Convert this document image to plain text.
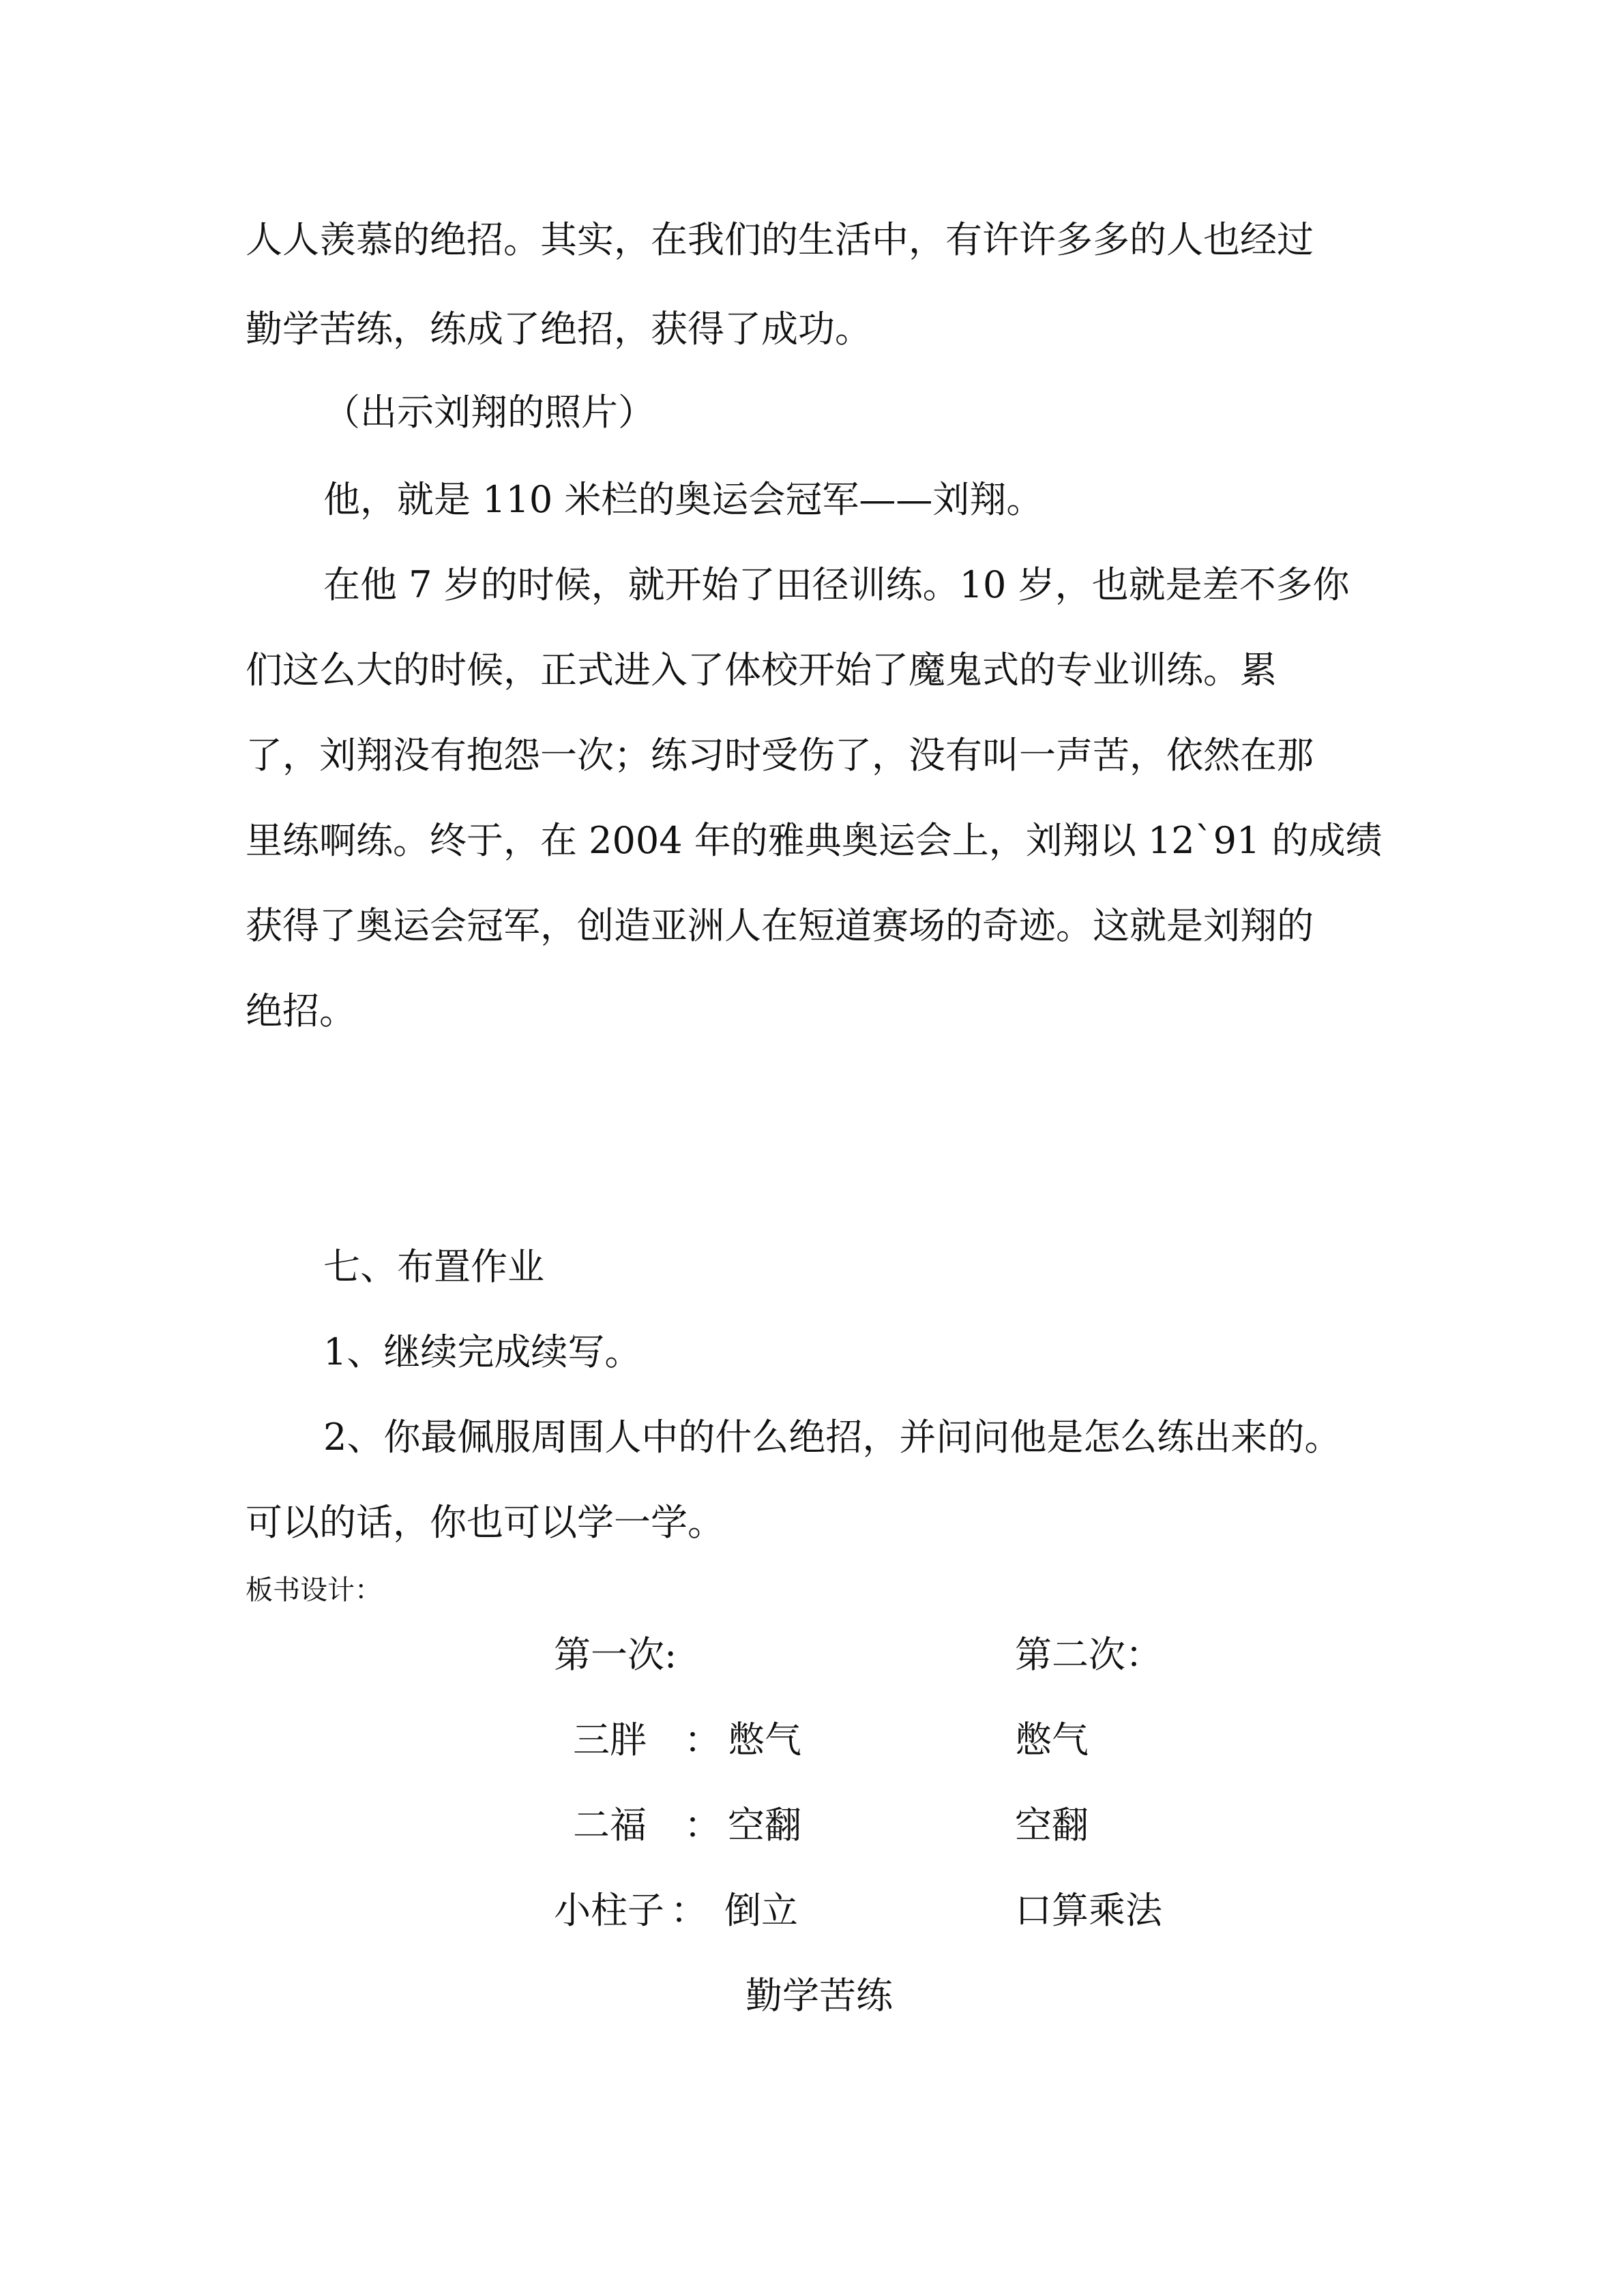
人人羡慕的绝招。其实，在我们的生活中，有许许多多的人也经过
勤学苦练，练成了绝招，获得了成功。
（出示刘翔的照片）
他，就是 110 米栏的奥运会冠军——刘翔。
在他 7 岁的时候，就开始了田径训练。10 岁，也就是差不多你
们这么大的时候，正式进入了体校开始了魔鬼式的专业训练。累
了，刘翔没有抱怨一次；练习时受伤了，没有叫一声苦，依然在那
里练啊练。终于，在 2004 年的雅典奥运会上，刘翔以 12`91 的成绩
获得了奥运会冠军，创造亚洲人在短道赛场的奇迹。这就是刘翔的
绝招。
七、布置作业
1、继续完成续写。
2、你最佩服周围人中的什么绝招，并问问他是怎么练出来的。
可以的话，你也可以学一学。
板书设计：
第一次:	第二次：
三胖 ： 憋气	憋气
二福 ： 空翻	空翻
小柱子 ： 倒立	口算乘法
勤学苦练
